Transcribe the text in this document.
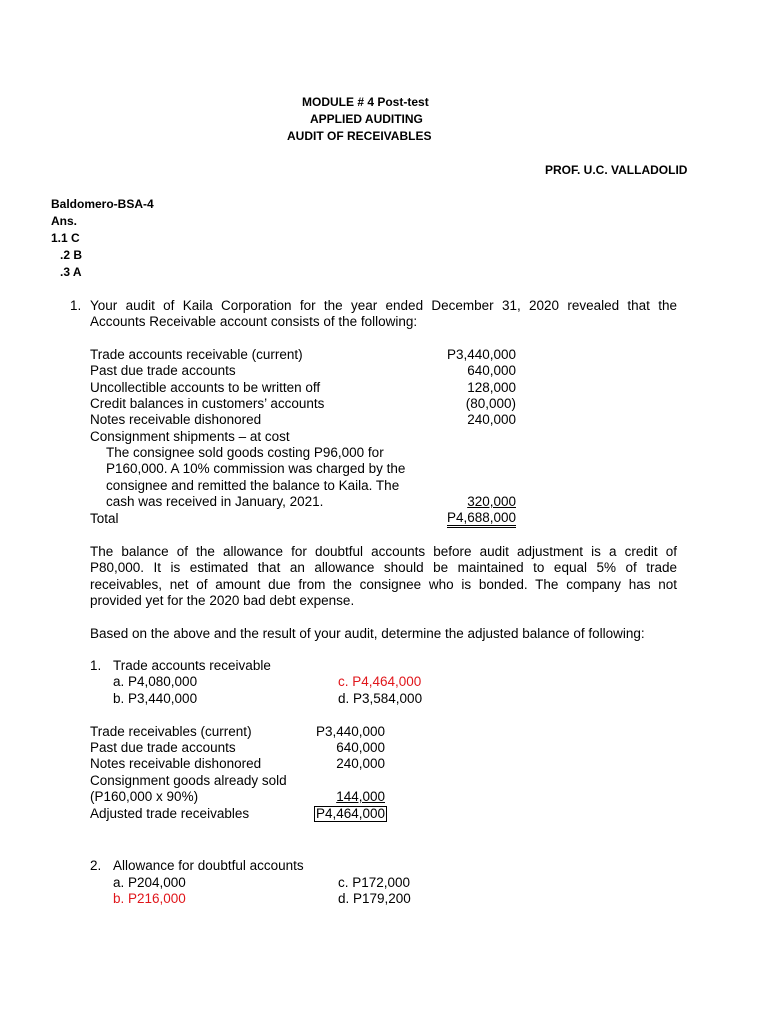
MODULE # 4 Post-test
APPLIED AUDITING
AUDIT OF RECEIVABLES
PROF. U.C. VALLADOLID
Baldomero-BSA-4
Ans.
1.1 C
.2 B
.3 A
1. Your audit of Kaila Corporation for the year ended December 31, 2020 revealed that the
Accounts Receivable account consists of the following:
Trade accounts receivable (current)	P3,440,000
Past due trade accounts	640,000
Uncollectible accounts to be written off	128,000
Credit balances in customers’ accounts	(80,000)
Notes receivable dishonored	240,000
Consignment shipments – at cost
The consignee sold goods costing P96,000 for
P160,000. A 10% commission was charged by the
consignee and remitted the balance to Kaila. The
cash was received in January, 2021.	320,000
Total	P4,688,000
The balance of the allowance for doubtful accounts before audit adjustment is a credit of
P80,000. It is estimated that an allowance should be maintained to equal 5% of trade
receivables, net of amount due from the consignee who is bonded. The company has not
provided yet for the 2020 bad debt expense.
Based on the above and the result of your audit, determine the adjusted balance of following:
1. Trade accounts receivable
a. P4,080,000
b. P3,440,000
c. P4,464,000
d. P3,584,000
Trade receivables (current)	P3,440,000
Past due trade accounts	640,000
Notes receivable dishonored	240,000
Consignment goods already sold
(P160,000 x 90%)	144,000
Adjusted trade receivables	P4,464,000
2. Allowance for doubtful accounts
a. P204,000
b. P216,000
c. P172,000
d. P179,200
